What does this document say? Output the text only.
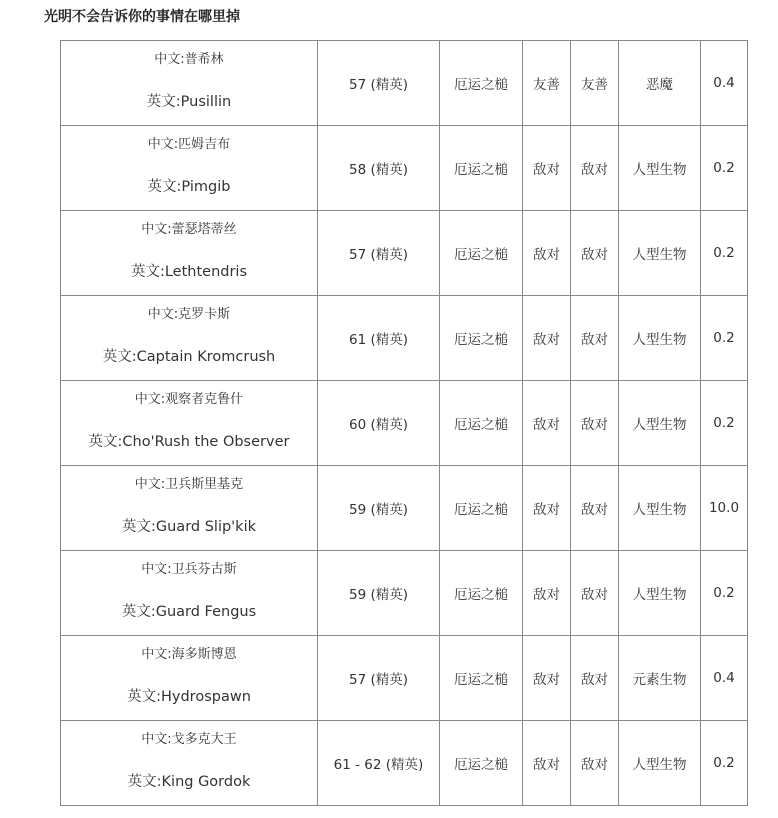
光明不会告诉你的事情在哪里掉
中文:普希林
英文:Pusillin	57 (精英)	厄运之槌	友善	友善	恶魔	0.4

中文:匹姆吉布
英文:Pimgib	58 (精英)	厄运之槌	敌对	敌对	人型生物	0.2

中文:蕾瑟塔蒂丝
英文:Lethtendris	57 (精英)	厄运之槌	敌对	敌对	人型生物	0.2

中文:克罗卡斯
英文:Captain Kromcrush	61 (精英)	厄运之槌	敌对	敌对	人型生物	0.2

中文:观察者克鲁什
英文:Cho'Rush the Observer	60 (精英)	厄运之槌	敌对	敌对	人型生物	0.2

中文:卫兵斯里基克
英文:Guard Slip'kik	59 (精英)	厄运之槌	敌对	敌对	人型生物	10.0

中文:卫兵芬古斯
英文:Guard Fengus	59 (精英)	厄运之槌	敌对	敌对	人型生物	0.2

中文:海多斯博恩
英文:Hydrospawn	57 (精英)	厄运之槌	敌对	敌对	元素生物	0.4

中文:戈多克大王
英文:King Gordok	61 - 62 (精英)	厄运之槌	敌对	敌对	人型生物	0.2
